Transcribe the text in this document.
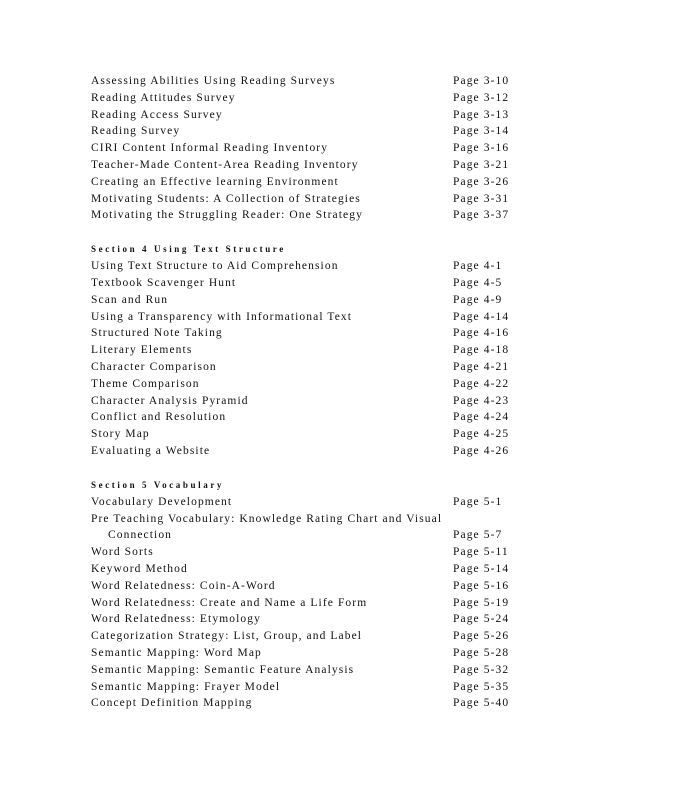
Assessing Abilities Using Reading Surveys	Page 3-10
Reading Attitudes Survey	Page 3-12
Reading Access Survey	Page 3-13
Reading Survey	Page 3-14
CIRI Content Informal Reading Inventory	Page 3-16
Teacher-Made Content-Area Reading Inventory	Page 3-21
Creating an Effective learning Environment	Page 3-26
Motivating Students: A Collection of Strategies	Page 3-31
Motivating the Struggling Reader: One Strategy	Page 3-37
Section 4 Using Text Structure
Using Text Structure to Aid Comprehension	Page 4-1
Textbook Scavenger Hunt	Page 4-5
Scan and Run	Page 4-9
Using a Transparency with Informational Text	Page 4-14
Structured Note Taking	Page 4-16
Literary Elements	Page 4-18
Character Comparison	Page 4-21
Theme Comparison	Page 4-22
Character Analysis Pyramid	Page 4-23
Conflict and Resolution	Page 4-24
Story Map	Page 4-25
Evaluating a Website	Page 4-26
Section 5 Vocabulary
Vocabulary Development	Page 5-1
Pre Teaching Vocabulary: Knowledge Rating Chart and Visual
Connection	Page 5-7
Word Sorts	Page 5-11
Keyword Method	Page 5-14
Word Relatedness: Coin-A-Word	Page 5-16
Word Relatedness: Create and Name a Life Form	Page 5-19
Word Relatedness: Etymology	Page 5-24
Categorization Strategy: List, Group, and Label	Page 5-26
Semantic Mapping: Word Map	Page 5-28
Semantic Mapping: Semantic Feature Analysis	Page 5-32
Semantic Mapping: Frayer Model	Page 5-35
Concept Definition Mapping	Page 5-40
